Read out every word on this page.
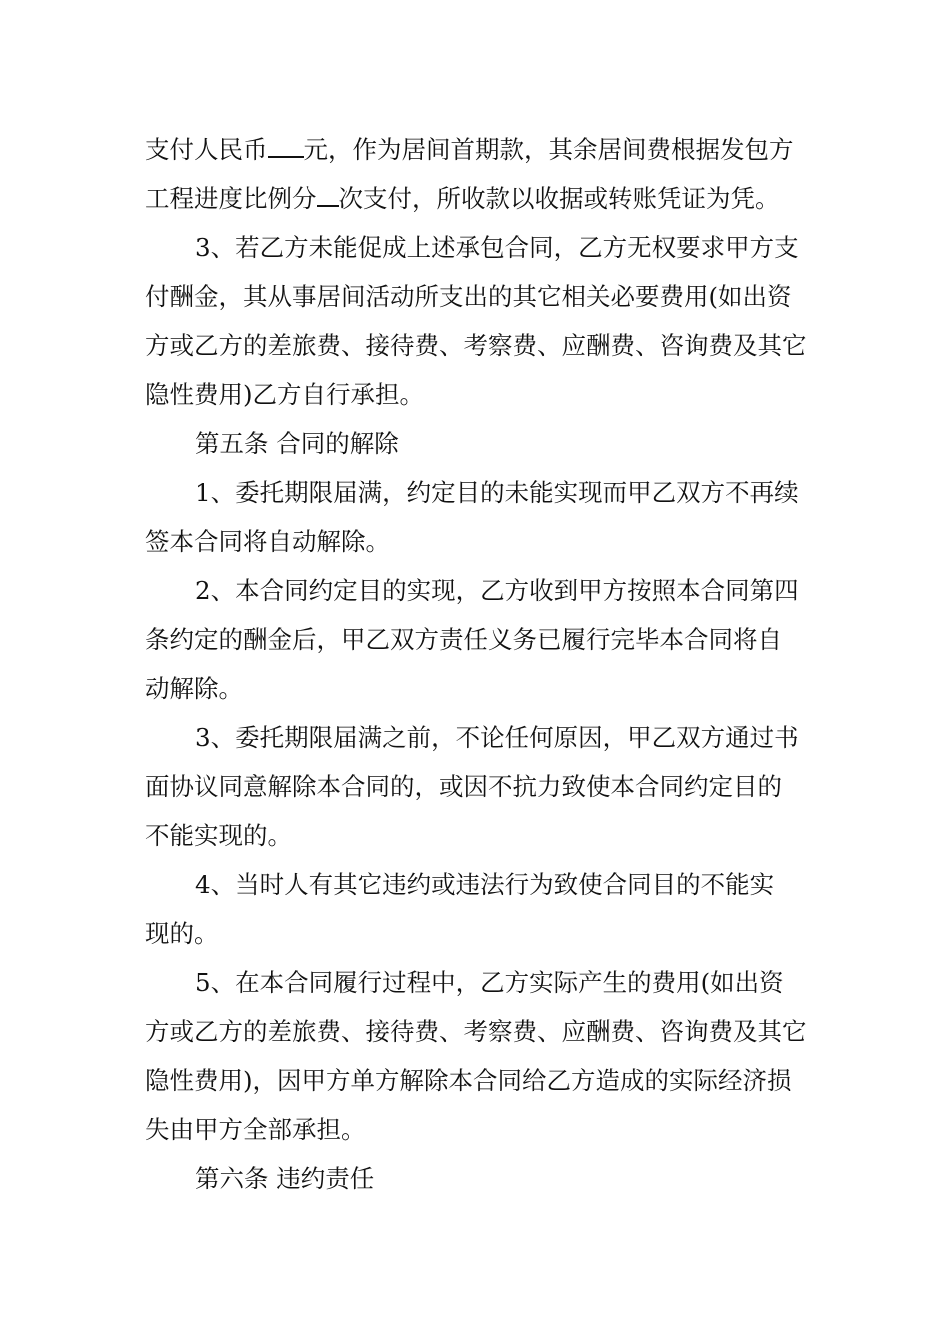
支付人民币 元，作为居间首期款，其余居间费根据发包方
工程进度比例分 次支付，所收款以收据或转账凭证为凭。
3、若乙方未能促成上述承包合同，乙方无权要求甲方支
付酬金，其从事居间活动所支出的其它相关必要费用(如出资
方或乙方的差旅费、接待费、考察费、应酬费、咨询费及其它
隐性费用)乙方自行承担。
第五条 合同的解除
1、委托期限届满，约定目的未能实现而甲乙双方不再续
签本合同将自动解除。
2、本合同约定目的实现，乙方收到甲方按照本合同第四
条约定的酬金后，甲乙双方责任义务已履行完毕本合同将自
动解除。
3、委托期限届满之前，不论任何原因，甲乙双方通过书
面协议同意解除本合同的，或因不抗力致使本合同约定目的
不能实现的。
4、当时人有其它违约或违法行为致使合同目的不能实
现的。
5、在本合同履行过程中，乙方实际产生的费用(如出资
方或乙方的差旅费、接待费、考察费、应酬费、咨询费及其它
隐性费用)，因甲方单方解除本合同给乙方造成的实际经济损
失由甲方全部承担。
第六条 违约责任
